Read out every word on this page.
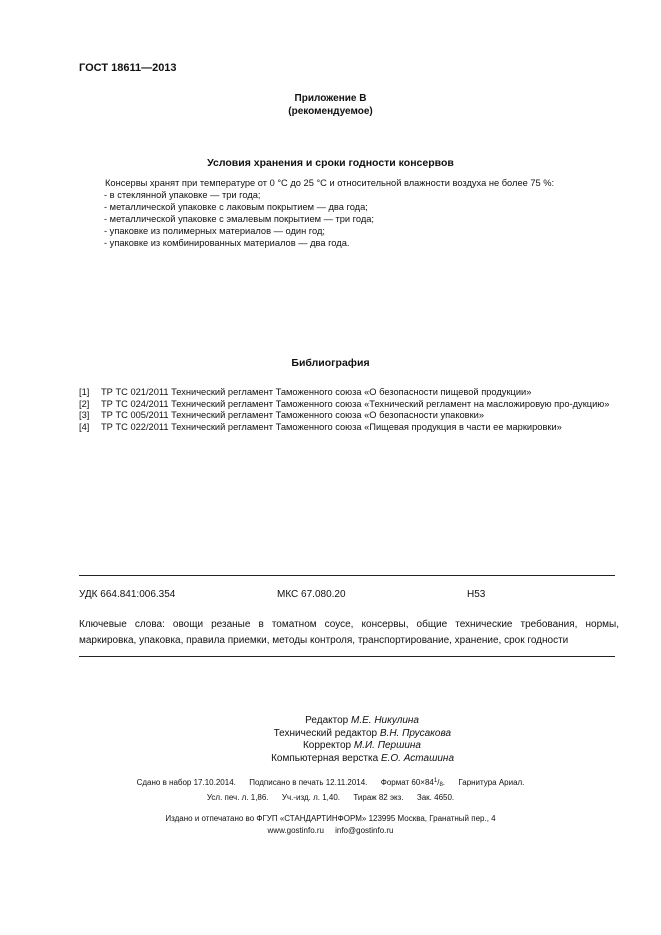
ГОСТ 18611—2013
Приложение В
(рекомендуемое)
Условия хранения и сроки годности консервов

Консервы хранят при температуре от 0 °С до 25 °С и относительной влажности воздуха не более 75 %:

- в стеклянной упаковке — три года;

- металлической упаковке с лаковым покрытием — два года;

- металлической упаковке с эмалевым покрытием — три года;

- упаковке из полимерных материалов — один год;

- упаковке из комбинированных материалов — два года.

Библиография
[1]	ТР ТС 021/2011 Технический регламент Таможенного союза «О безопасности пищевой продукции»
[2]	ТР ТС 024/2011 Технический регламент Таможенного союза «Технический регламент на масложировую про-дукцию»
[3]	ТР ТС 005/2011 Технический регламент Таможенного союза «О безопасности упаковки»
[4]	ТР ТС 022/2011 Технический регламент Таможенного союза «Пищевая продукция в части ее маркировки»
УДК 664.841:006.354	МКС 67.080.20	Н53
Ключевые слова: овощи резаные в томатном соусе, консервы, общие технические требования, нормы, маркировка, упаковка, правила приемки, методы контроля, транспортирование, хранение, срок годности
Редактор М.Е. Никулина
Технический редактор В.Н. Прусакова
Корректор М.И. Першина
Компьютерная верстка Е.О. Асташина
Сдано в набор 17.10.2014. Подписано в печать 12.11.2014. Формат $60\times 84^1/_8$. Гарнитура Ариал.
Усл. печ. л. 1,86. Уч.-изд. л. 1,40. Тираж 82 экз. Зак. 4650.
Издано и отпечатано во ФГУП «СТАНДАРТИНФОРМ» 123995 Москва, Гранатный пер., 4
www.gostinfo.ru info@gostinfo.ru
